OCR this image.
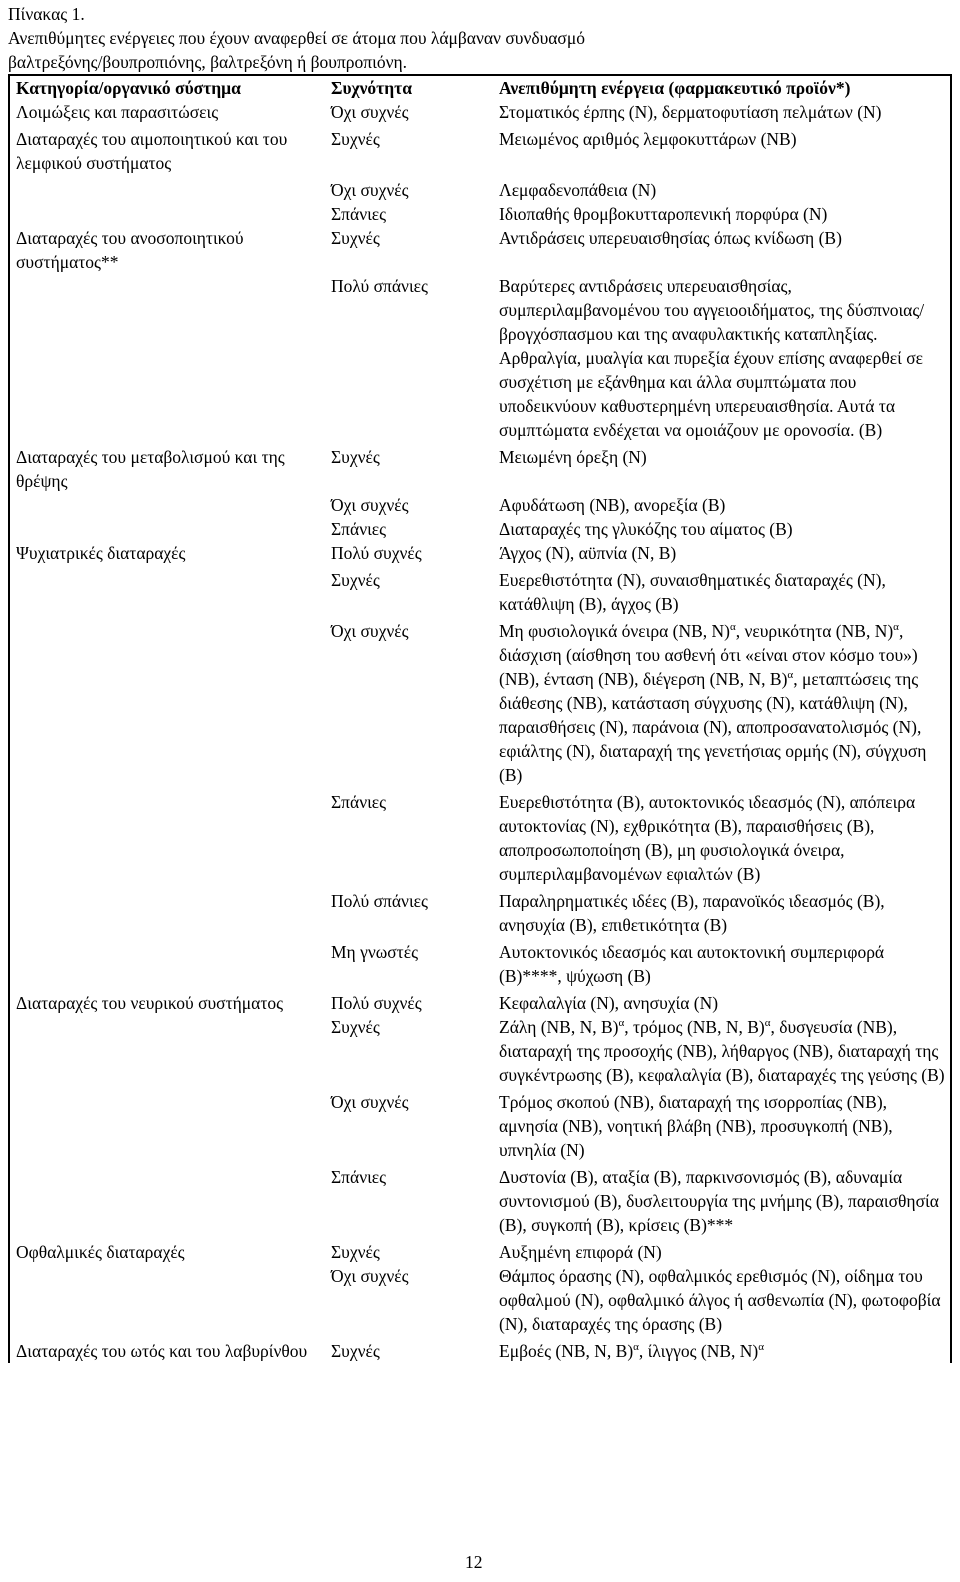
Πίνακας 1.
Ανεπιθύμητες ενέργειες που έχουν αναφερθεί σε άτομα που λάμβαναν συνδυασμό
βαλτρεξόνης/βουπροπιόνης, βαλτρεξόνη ή βουπροπιόνη.
Κατηγορία/οργανικό σύστημα	Συχνότητα	Ανεπιθύμητη ενέργεια (φαρμακευτικό προϊόν*)
Λοιμώξεις και παρασιτώσεις	Όχι συχνές	Στοματικός έρπης (Ν), δερματοφυτίαση πελμάτων (Ν)

Διαταραχές του αιμοποιητικού και του λεμφικού συστήματος	Συχνές	Μειωμένος αριθμός λεμφοκυττάρων (ΝΒ)

	Όχι συχνές	Λεμφαδενοπάθεια (Ν)

	Σπάνιες	Ιδιοπαθής θρομβοκυτταροπενική πορφύρα (Ν)

Διαταραχές του ανοσοποιητικού συστήματος**	Συχνές	Αντιδράσεις υπερευαισθησίας όπως κνίδωση (Β)

	Πολύ σπάνιες	Βαρύτερες αντιδράσεις υπερευαισθησίας, συμπεριλαμβανομένου του αγγειοοιδήματος, της δύσπνοιας/βρογχόσπασμου και της αναφυλακτικής καταπληξίας.
Αρθραλγία, μυαλγία και πυρεξία έχουν επίσης αναφερθεί σε συσχέτιση με εξάνθημα και άλλα συμπτώματα που υποδεικνύουν καθυστερημένη υπερευαισθησία. Αυτά τα συμπτώματα ενδέχεται να ομοιάζουν με ορονοσία. (Β)

Διαταραχές του μεταβολισμού και της θρέψης	Συχνές	Μειωμένη όρεξη (Ν)

	Όχι συχνές	Αφυδάτωση (ΝΒ), ανορεξία (Β)

	Σπάνιες	Διαταραχές της γλυκόζης του αίματος (Β)

Ψυχιατρικές διαταραχές	Πολύ συχνές	Άγχος (Ν), αϋπνία (Ν, Β)

	Συχνές	Ευερεθιστότητα (Ν), συναισθηματικές διαταραχές (Ν), κατάθλιψη (Β), άγχος (Β)

	Όχι συχνές	Μη φυσιολογικά όνειρα (ΝΒ, Ν)$^\alpha$, νευρικότητα (ΝΒ, Ν)$^\alpha$, διάσχιση (αίσθηση του ασθενή ότι «είναι στον κόσμο του») (ΝΒ), ένταση (ΝΒ), διέγερση (ΝΒ, Ν, Β)$^\alpha$, μεταπτώσεις της διάθεσης (ΝΒ), κατάσταση σύγχυσης (Ν), κατάθλιψη (Ν), παραισθήσεις (Ν), παράνοια (Ν), αποπροσανατολισμός (Ν), εφιάλτης (Ν), διαταραχή της γενετήσιας ορμής (Ν), σύγχυση (Β)
	Σπάνιες	Ευερεθιστότητα (Β), αυτοκτονικός ιδεασμός (Ν), απόπειρα αυτοκτονίας (Ν), εχθρικότητα (Β), παραισθήσεις (Β), αποπροσωποποίηση (Β), μη φυσιολογικά όνειρα, συμπεριλαμβανομένων εφιαλτών (Β)

	Πολύ σπάνιες	Παραληρηματικές ιδέες (Β), παρανοϊκός ιδεασμός (Β), ανησυχία (Β), επιθετικότητα (Β)

	Μη γνωστές	Αυτοκτονικός ιδεασμός και αυτοκτονική συμπεριφορά (Β)****, ψύχωση (Β)

Διαταραχές του νευρικού συστήματος	Πολύ συχνές	Κεφαλαλγία (Ν), ανησυχία (Ν)

	Συχνές	Ζάλη (ΝΒ, Ν, Β)$^\alpha$, τρόμος (ΝΒ, Ν, Β)$^\alpha$, δυσγευσία (ΝΒ), διαταραχή της προσοχής (ΝΒ), λήθαργος (ΝΒ), διαταραχή της συγκέντρωσης (Β), κεφαλαλγία (Β), διαταραχές της γεύσης (Β)
	Όχι συχνές	Τρόμος σκοπού (ΝΒ), διαταραχή της ισορροπίας (ΝΒ), αμνησία (ΝΒ), νοητική βλάβη (ΝΒ), προσυγκοπή (ΝΒ), υπνηλία (Ν)

	Σπάνιες	Δυστονία (Β), αταξία (Β), παρκινσονισμός (Β), αδυναμία συντονισμού (Β), δυσλειτουργία της μνήμης (Β), παραισθησία (Β), συγκοπή (Β), κρίσεις (Β)***

Οφθαλμικές διαταραχές	Συχνές	Αυξημένη επιφορά (Ν)

	Όχι συχνές	Θάμπος όρασης (Ν), οφθαλμικός ερεθισμός (Ν), οίδημα του οφθαλμού (Ν), οφθαλμικό άλγος ή ασθενωπία (Ν), φωτοφοβία (Ν), διαταραχές της όρασης (Β)

Διαταραχές του ωτός και του λαβυρίνθου	Συχνές	Εμβοές (ΝΒ, Ν, Β)$^\alpha$, ίλιγγος (ΝΒ, Ν)$^\alpha$
12
